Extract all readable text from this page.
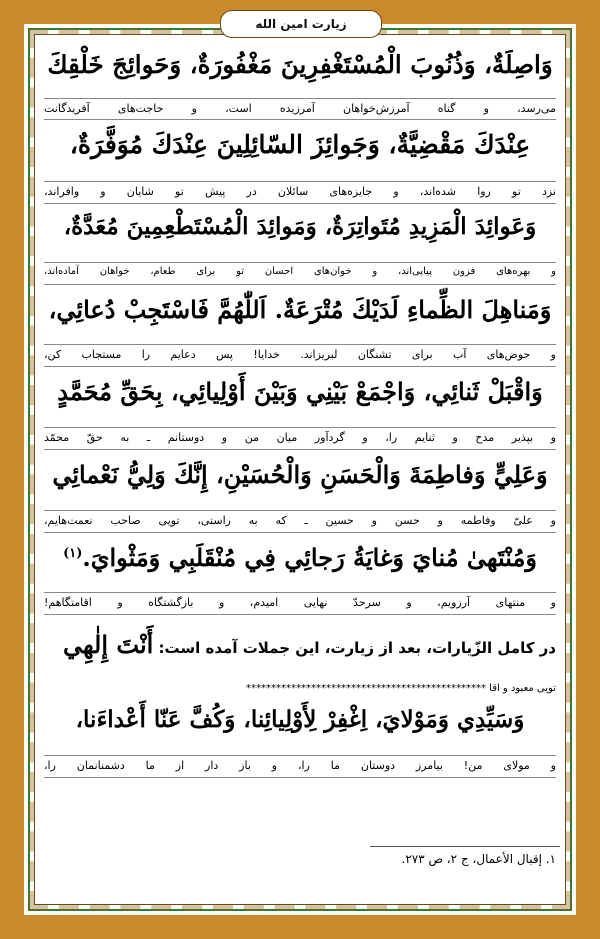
زیارت امین الله
وَاصِلَةٌ، وَذُنُوبَ الْمُسْتَغْفِرِينَ مَغْفُورَةٌ، وَحَوائِجَ خَلْقِكَ
می‌رسد، و گناه آمرزش‌خواهان آمرزیده است، و حاجت‌های آفریدگانت
عِنْدَكَ مَقْضِيَّةٌ، وَجَوائِزَ السّائِلِينَ عِنْدَكَ مُوَفَّرَةٌ،
نزد تو روا شده‌اند، و جایزه‌های سائلان در پیش تو شایان و وافراند،
وَعَوائِدَ الْمَزِيدِ مُتَواتِرَةٌ، وَمَوائِدَ الْمُسْتَطْعِمِينَ مُعَدَّةٌ،
و بهره‌های فزون پیاپی‌اند، و خوان‌های احسان تو برای طعام، خواهان آماده‌اند،
وَمَناهِلَ الظِّماءِ لَدَيْكَ مُتْرَعَةٌ. اَللّٰهُمَّ فَاسْتَجِبْ دُعائِي،
و حوض‌های آب برای تشنگان لبریزاند. خدایا! پس دعایم را مستجاب کن،
وَاقْبَلْ ثَنائِي، وَاجْمَعْ بَيْنِي وَبَيْنَ أَوْلِيائِي، بِحَقِّ مُحَمَّدٍ
و بپذیر مدح و ثنایم را، و گردآور میان من و دوستانم ـ به حقّ محمّد
وَعَلِيٍّ وَفاطِمَةَ وَالْحَسَنِ وَالْحُسَيْنِ، إِنَّكَ وَلِيُّ نَعْمائِي
و علیّ وفاطمه و حسن و حسین ـ که به راستی، تویی صاحب نعمت‌هایم،
وَمُنْتَهىٰ مُنايَ وَغايَةُ رَجائِي فِي مُنْقَلَبِي وَمَثْوايَ.$^{(۱)}$
و منتهای آرزویم، و سرحدّ نهایی امیدم، و بازگشتگاه و اقامتگاهم!
در کامل الزّیارات، بعد از زیارت، این جملات آمده است: أَنْتَ إِلٰهِي
تویی معبود و آقا ************************************************
وَسَيِّدِي وَمَوْلايَ، اِغْفِرْ لِأَوْلِيائِنا، وَكُفَّ عَنّا أَعْداءَنا،
و مولای من! بیامرز دوستان ما را، و باز دار از ما دشمنانمان را،
۱. إقبال الأعمال، ج ۲، ص ۲۷۳.
